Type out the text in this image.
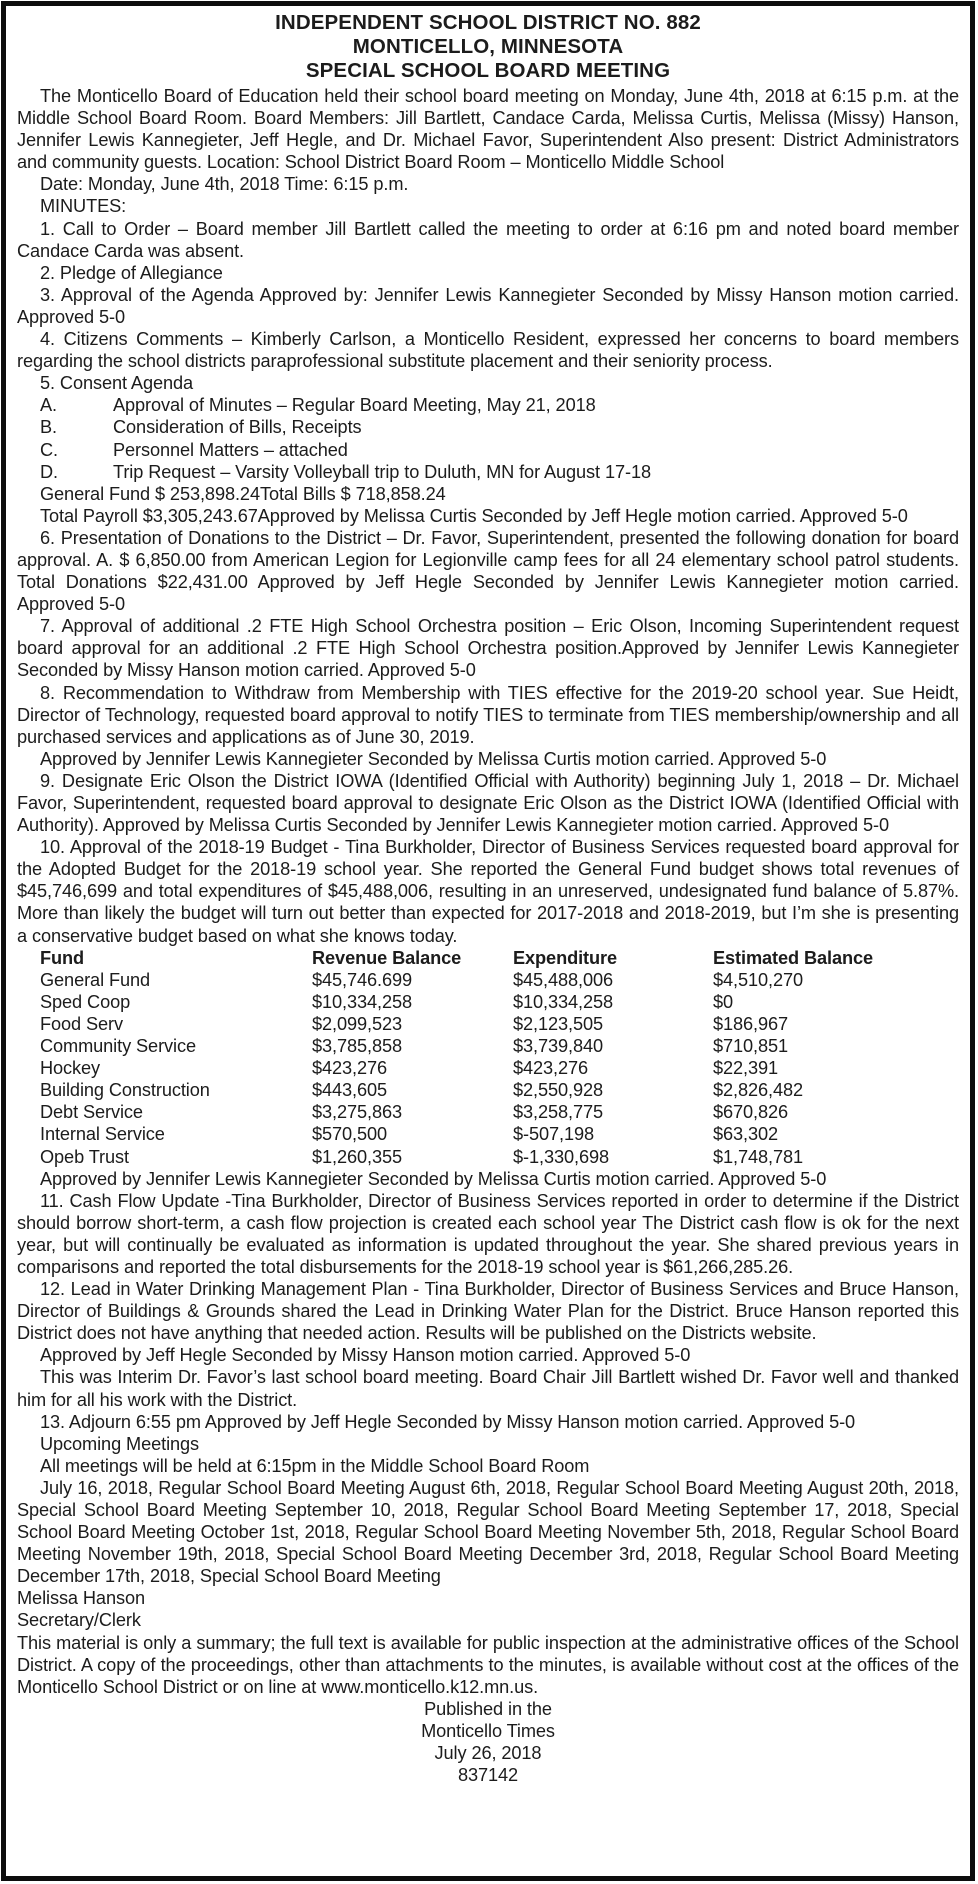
INDEPENDENT SCHOOL DISTRICT NO. 882
MONTICELLO, MINNESOTA
SPECIAL SCHOOL BOARD MEETING

The Monticello Board of Education held their school board meeting on Monday, June 4th, 2018 at 6:15 p.m. at the Middle School Board Room. Board Members: Jill Bartlett, Candace Carda, Melissa Curtis, Melissa (Missy) Hanson, Jennifer Lewis Kannegieter, Jeff Hegle, and Dr. Michael Favor, Superintendent Also present: District Administrators and community guests. Location: School District Board Room – Monticello Middle School

Date: Monday, June 4th, 2018 Time: 6:15 p.m.

MINUTES:

1. Call to Order – Board member Jill Bartlett called the meeting to order at 6:16 pm and noted board member Candace Carda was absent.

2. Pledge of Allegiance

3. Approval of the Agenda Approved by: Jennifer Lewis Kannegieter Seconded by Missy Hanson motion carried. Approved 5-0

4. Citizens Comments – Kimberly Carlson, a Monticello Resident, expressed her concerns to board members regarding the school districts paraprofessional substitute placement and their seniority process.

5. Consent Agenda

A.	Approval of Minutes – Regular Board Meeting, May 21, 2018

B.	Consideration of Bills, Receipts

C.	Personnel Matters – attached

D.	Trip Request – Varsity Volleyball trip to Duluth, MN for August 17-18

General Fund $ 253,898.24Total Bills $ 718,858.24

Total Payroll $3,305,243.67Approved by Melissa Curtis Seconded by Jeff Hegle motion carried. Approved 5-0

6. Presentation of Donations to the District – Dr. Favor, Superintendent, presented the following donation for board approval. A. $ 6,850.00 from American Legion for Legionville camp fees for all 24 elementary school patrol students. Total Donations $22,431.00 Approved by Jeff Hegle Seconded by Jennifer Lewis Kannegieter motion carried. Approved 5-0

7. Approval of additional .2 FTE High School Orchestra position – Eric Olson, Incoming Superintendent request board approval for an additional .2 FTE High School Orchestra position.Approved by Jennifer Lewis Kannegieter Seconded by Missy Hanson motion carried. Approved 5-0

8. Recommendation to Withdraw from Membership with TIES effective for the 2019-20 school year. Sue Heidt, Director of Technology, requested board approval to notify TIES to terminate from TIES membership/ownership and all purchased services and applications as of June 30, 2019.

Approved by Jennifer Lewis Kannegieter Seconded by Melissa Curtis motion carried. Approved 5-0

9. Designate Eric Olson the District IOWA (Identified Official with Authority) beginning July 1, 2018 – Dr. Michael Favor, Superintendent, requested board approval to designate Eric Olson as the District IOWA (Identified Official with Authority). Approved by Melissa Curtis Seconded by Jennifer Lewis Kannegieter motion carried. Approved 5-0

10. Approval of the 2018-19 Budget - Tina Burkholder, Director of Business Services requested board approval for the Adopted Budget for the 2018-19 school year. She reported the General Fund budget shows total revenues of $45,746,699 and total expenditures of $45,488,006, resulting in an unreserved, undesignated fund balance of 5.87%. More than likely the budget will turn out better than expected for 2017-2018 and 2018-2019, but I’m she is presenting a conservative budget based on what she knows today.

Fund	Revenue Balance	Expenditure	Estimated Balance
General Fund	$45,746.699	$45,488,006	$4,510,270
Sped Coop	$10,334,258	$10,334,258	$0
Food Serv	$2,099,523	$2,123,505	$186,967
Community Service	$3,785,858	$3,739,840	$710,851
Hockey	$423,276	$423,276	$22,391
Building Construction	$443,605	$2,550,928	$2,826,482
Debt Service	$3,275,863	$3,258,775	$670,826
Internal Service	$570,500	$-507,198	$63,302
Opeb Trust	$1,260,355	$-1,330,698	$1,748,781

Approved by Jennifer Lewis Kannegieter Seconded by Melissa Curtis motion carried. Approved 5-0

11. Cash Flow Update -Tina Burkholder, Director of Business Services reported in order to determine if the District should borrow short-term, a cash flow projection is created each school year The District cash flow is ok for the next year, but will continually be evaluated as information is updated throughout the year. She shared previous years in comparisons and reported the total disbursements for the 2018-19 school year is $61,266,285.26.

12. Lead in Water Drinking Management Plan - Tina Burkholder, Director of Business Services and Bruce Hanson, Director of Buildings & Grounds shared the Lead in Drinking Water Plan for the District. Bruce Hanson reported this District does not have anything that needed action. Results will be published on the Districts website.

Approved by Jeff Hegle Seconded by Missy Hanson motion carried. Approved 5-0

This was Interim Dr. Favor’s last school board meeting. Board Chair Jill Bartlett wished Dr. Favor well and thanked him for all his work with the District.

13. Adjourn 6:55 pm Approved by Jeff Hegle Seconded by Missy Hanson motion carried. Approved 5-0

Upcoming Meetings

All meetings will be held at 6:15pm in the Middle School Board Room

July 16, 2018, Regular School Board Meeting August 6th, 2018, Regular School Board Meeting August 20th, 2018, Special School Board Meeting September 10, 2018, Regular School Board Meeting September 17, 2018, Special School Board Meeting October 1st, 2018, Regular School Board Meeting November 5th, 2018, Regular School Board Meeting November 19th, 2018, Special School Board Meeting December 3rd, 2018, Regular School Board Meeting December 17th, 2018, Special School Board Meeting

Melissa Hanson

Secretary/Clerk

This material is only a summary; the full text is available for public inspection at the administrative offices of the School District. A copy of the proceedings, other than attachments to the minutes, is available without cost at the offices of the Monticello School District or on line at www.monticello.k12.mn.us.

Published in the

Monticello Times

July 26, 2018

837142
